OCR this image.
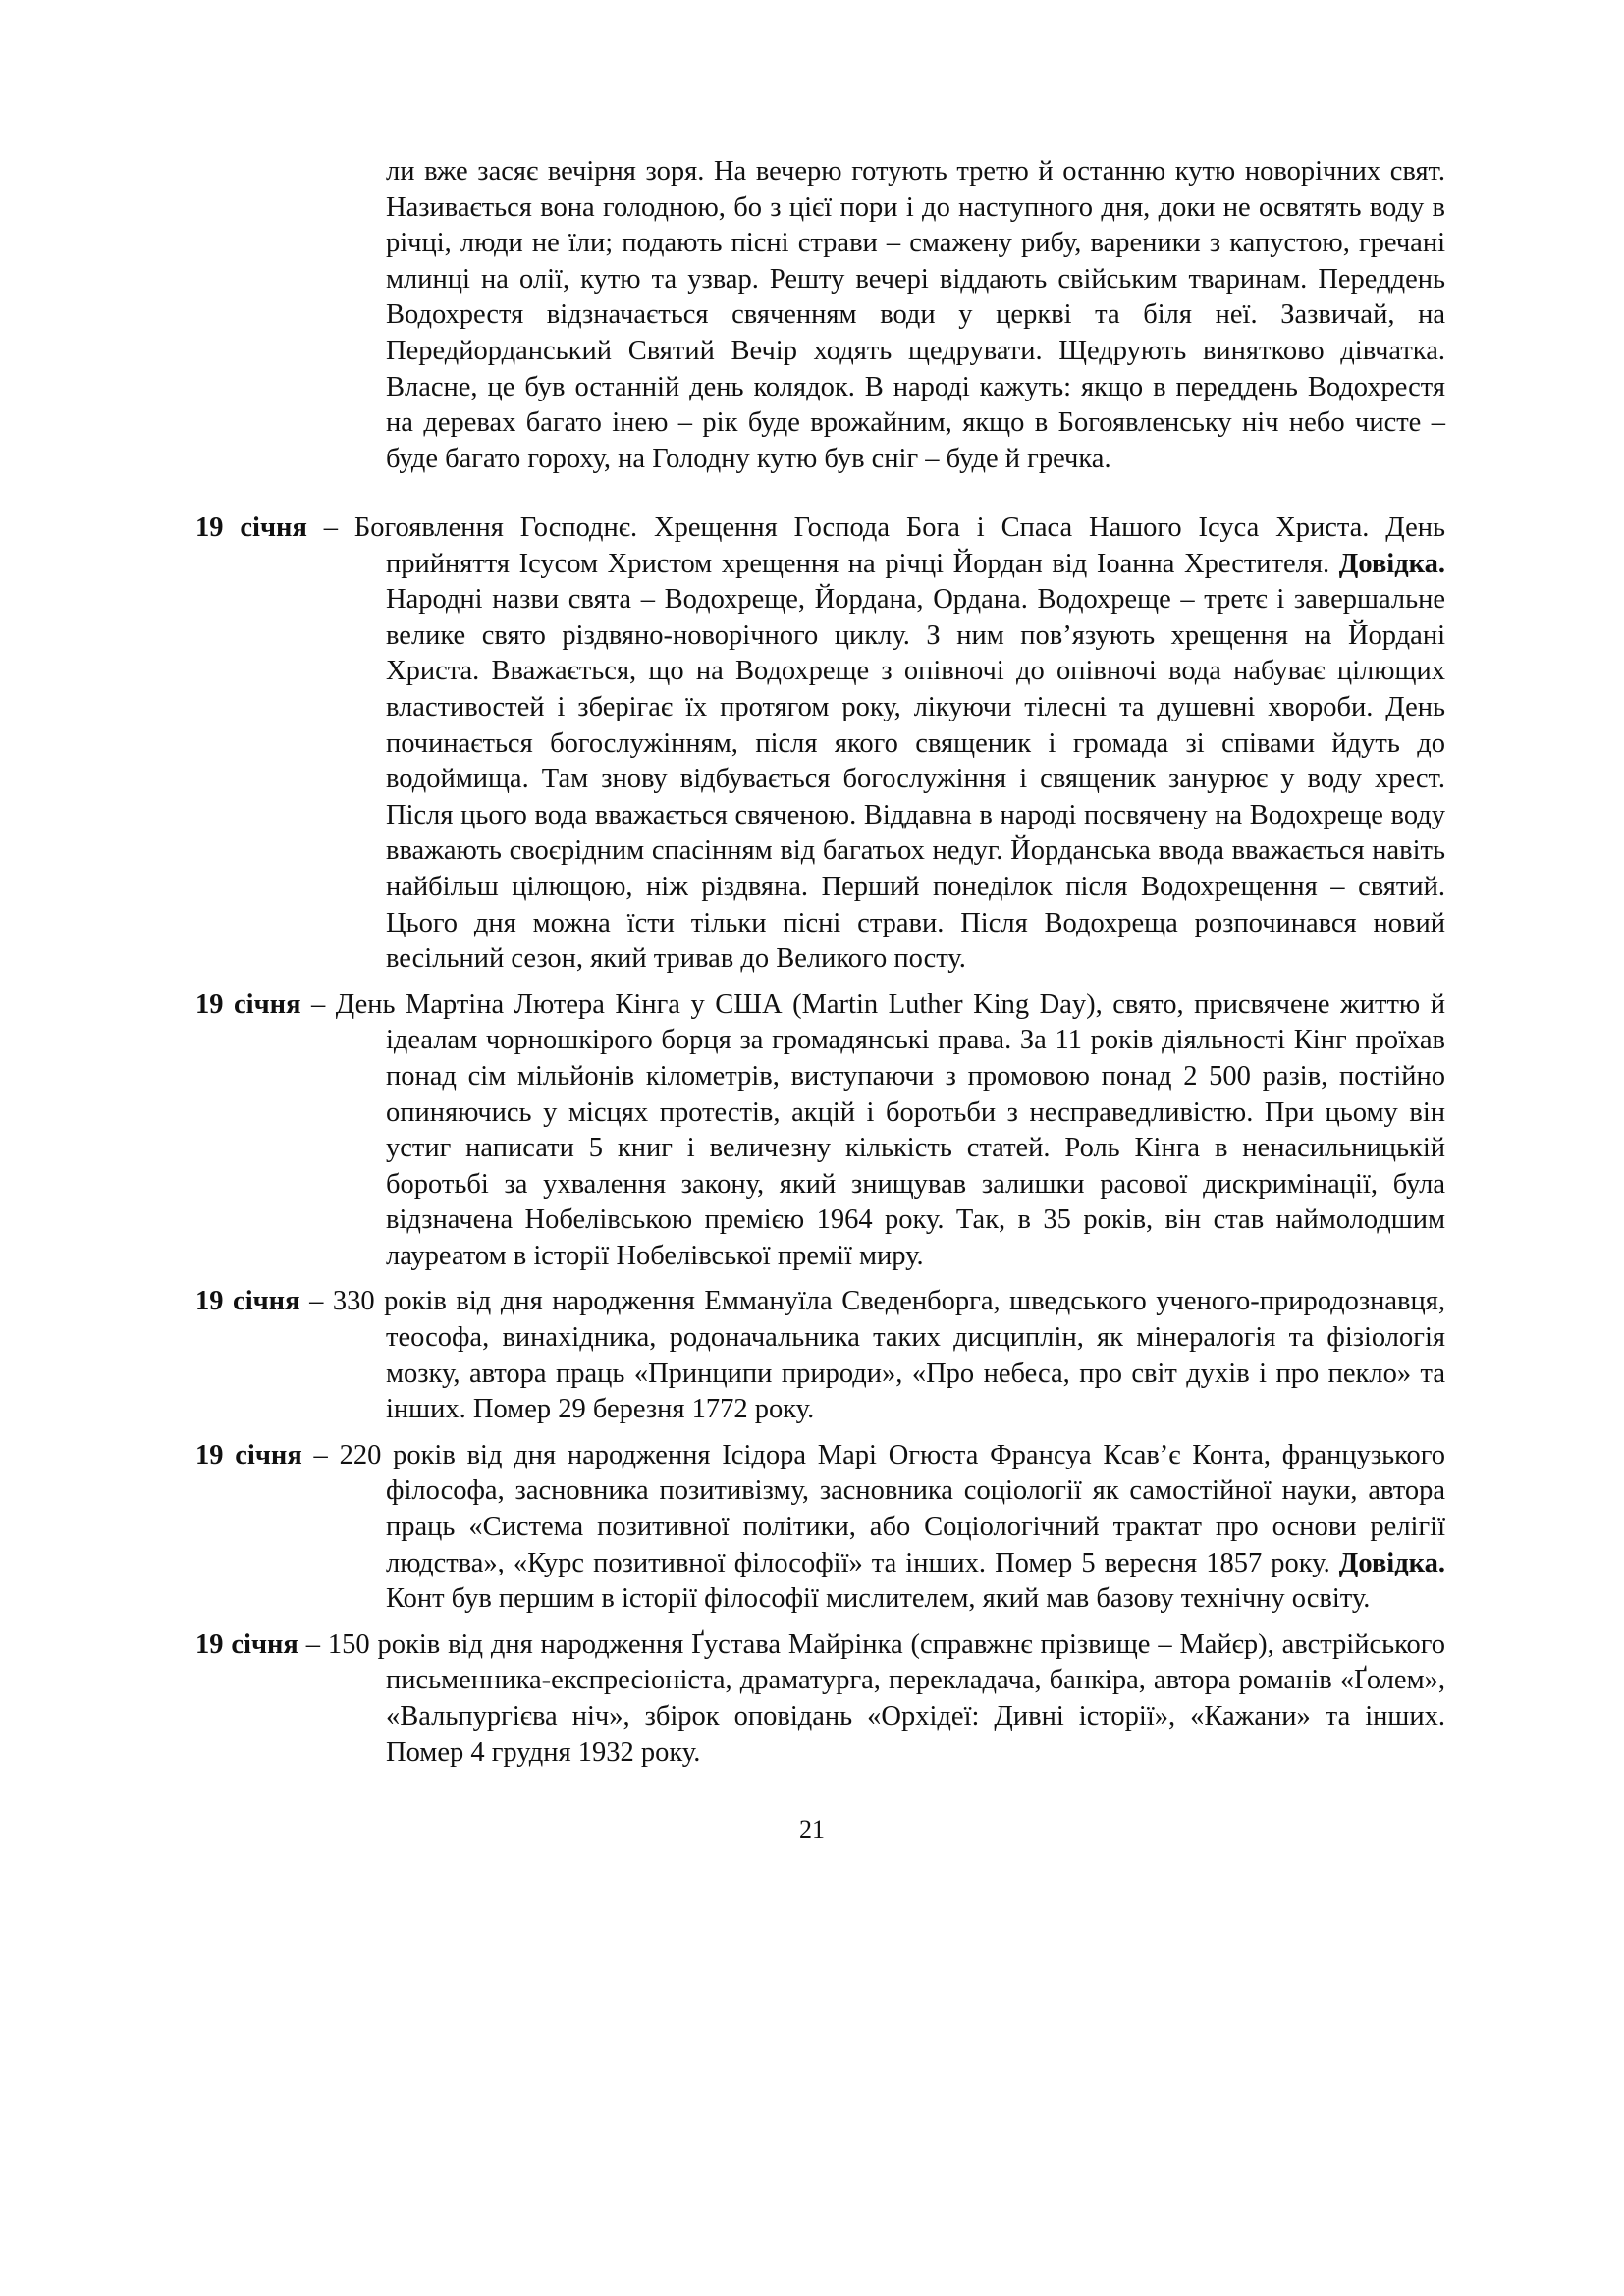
ли вже засяє вечірня зоря. На вечерю готують третю й останню кутю новорічних свят. Називається вона голодною, бо з цієї пори і до наступного дня, доки не освятять воду в річці, люди не їли; подають пісні страви – смажену рибу, вареники з капустою, гречані млинці на олії, кутю та узвар. Решту вечері віддають свійським тваринам. Переддень Водохрестя відзначається свяченням води у церкві та біля неї. Зазвичай, на Передйорданський Святий Вечір ходять щедрувати. Щедрують винятково дівчатка. Власне, це був останній день колядок. В народі кажуть: якщо в переддень Водохрестя на деревах багато інею – рік буде врожайним, якщо в Богоявленську ніч небо чисте – буде багато гороху, на Голодну кутю був сніг – буде й гречка.

19 січня – Богоявлення Господнє. Хрещення Господа Бога і Спаса Нашого Ісуса Христа. День прийняття Ісусом Христом хрещення на річці Йордан від Іоанна Хрестителя. Довідка. Народні назви свята – Водохреще, Йордана, Ордана. Водохреще – третє і завершальне велике свято різдвяно-новорічного циклу. З ним пов’язують хрещення на Йордані Христа. Вважається, що на Водохреще з опівночі до опівночі вода набуває цілющих властивостей і зберігає їх протягом року, лікуючи тілесні та душевні хвороби. День починається богослужінням, після якого священик і громада зі співами йдуть до водоймища. Там знову відбувається богослужіння і священик занурює у воду хрест. Після цього вода вважається свяченою. Віддавна в народі посвячену на Водохреще воду вважають своєрідним спасінням від багатьох недуг. Йорданська ввода вважається навіть найбільш цілющою, ніж різдвяна. Перший понеділок після Водохрещення – святий. Цього дня можна їсти тільки пісні страви. Після Водохреща розпочинався новий весільний сезон, який тривав до Великого посту.

19 січня – День Мартіна Лютера Кінга у США (Martin Luther King Day), свято, присвячене життю й ідеалам чорношкірого борця за громадянські права. За 11 років діяльності Кінг проїхав понад сім мільйонів кілометрів, виступаючи з промовою понад 2 500 разів, постійно опиняючись у місцях протестів, акцій і боротьби з несправедливістю. При цьому він устиг написати 5 книг і величезну кількість статей. Роль Кінга в ненасильницькій боротьбі за ухвалення закону, який знищував залишки расової дискримінації, була відзначена Нобелівською премією 1964 року. Так, в 35 років, він став наймолодшим лауреатом в історії Нобелівської премії миру.

19 січня – 330 років від дня народження Еммануїла Сведенборга, шведського ученого-природознавця, теософа, винахідника, родоначальника таких дисциплін, як мінералогія та фізіологія мозку, автора праць «Принципи природи», «Про небеса, про світ духів і про пекло» та інших. Помер 29 березня 1772 року.

19 січня – 220 років від дня народження Ісідора Марі Огюста Франсуа Ксав’є Конта, французького філософа, засновника позитивізму, засновника соціології як самостійної науки, автора праць «Система позитивної політики, або Соціологічний трактат про основи релігії людства», «Курс позитивної філософії» та інших. Помер 5 вересня 1857 року. Довідка. Конт був першим в історії філософії мислителем, який мав базову технічну освіту.

19 січня – 150 років від дня народження Ґустава Майрінка (справжнє прізвище – Майєр), австрійського письменника-експресіоніста, драматурга, перекладача, банкіра, автора романів «Ґолем», «Вальпургієва ніч», збірок оповідань «Орхідеї: Дивні історії», «Кажани» та інших. Помер 4 грудня 1932 року.

21
